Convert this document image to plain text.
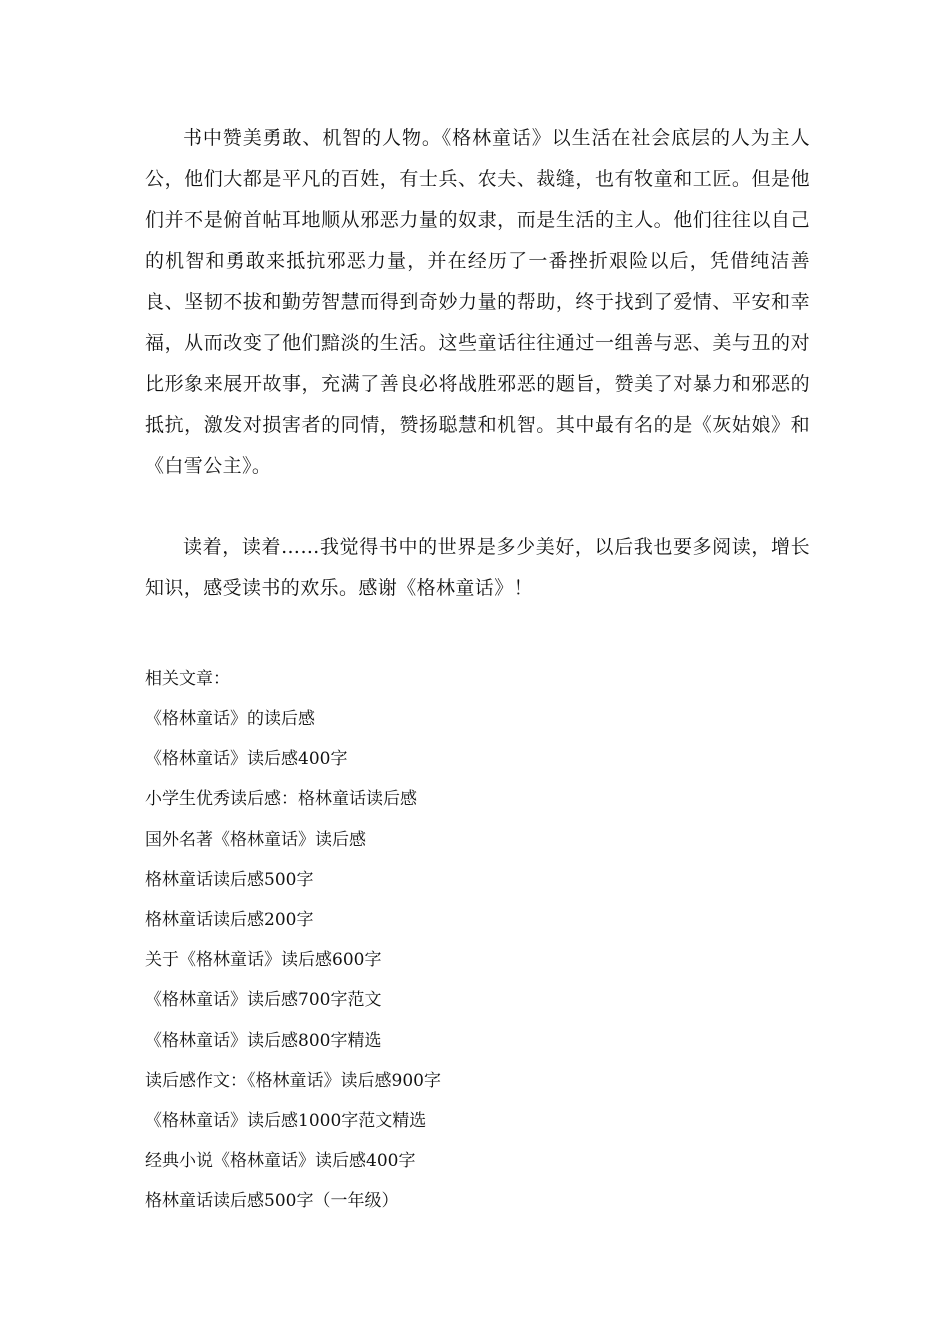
书中赞美勇敢、机智的人物。《格林童话》以生活在社会底层的人为主人公，他们大都是平凡的百姓，有士兵、农夫、裁缝，也有牧童和工匠。但是他们并不是俯首帖耳地顺从邪恶力量的奴隶，而是生活的主人。他们往往以自己的机智和勇敢来抵抗邪恶力量，并在经历了一番挫折艰险以后，凭借纯洁善良、坚韧不拔和勤劳智慧而得到奇妙力量的帮助，终于找到了爱情、平安和幸福，从而改变了他们黯淡的生活。这些童话往往通过一组善与恶、美与丑的对比形象来展开故事，充满了善良必将战胜邪恶的题旨，赞美了对暴力和邪恶的抵抗，激发对损害者的同情，赞扬聪慧和机智。其中最有名的是《灰姑娘》和《白雪公主》。

读着，读着……我觉得书中的世界是多少美好，以后我也要多阅读，增长知识，感受读书的欢乐。感谢《格林童话》！

相关文章：

《格林童话》的读后感
《格林童话》读后感400字
小学生优秀读后感：格林童话读后感
国外名著《格林童话》读后感
格林童话读后感500字
格林童话读后感200字
关于《格林童话》读后感600字
《格林童话》读后感700字范文
《格林童话》读后感800字精选
读后感作文：《格林童话》读后感900字
《格林童话》读后感1000字范文精选
经典小说《格林童话》读后感400字
格林童话读后感500字（一年级）
